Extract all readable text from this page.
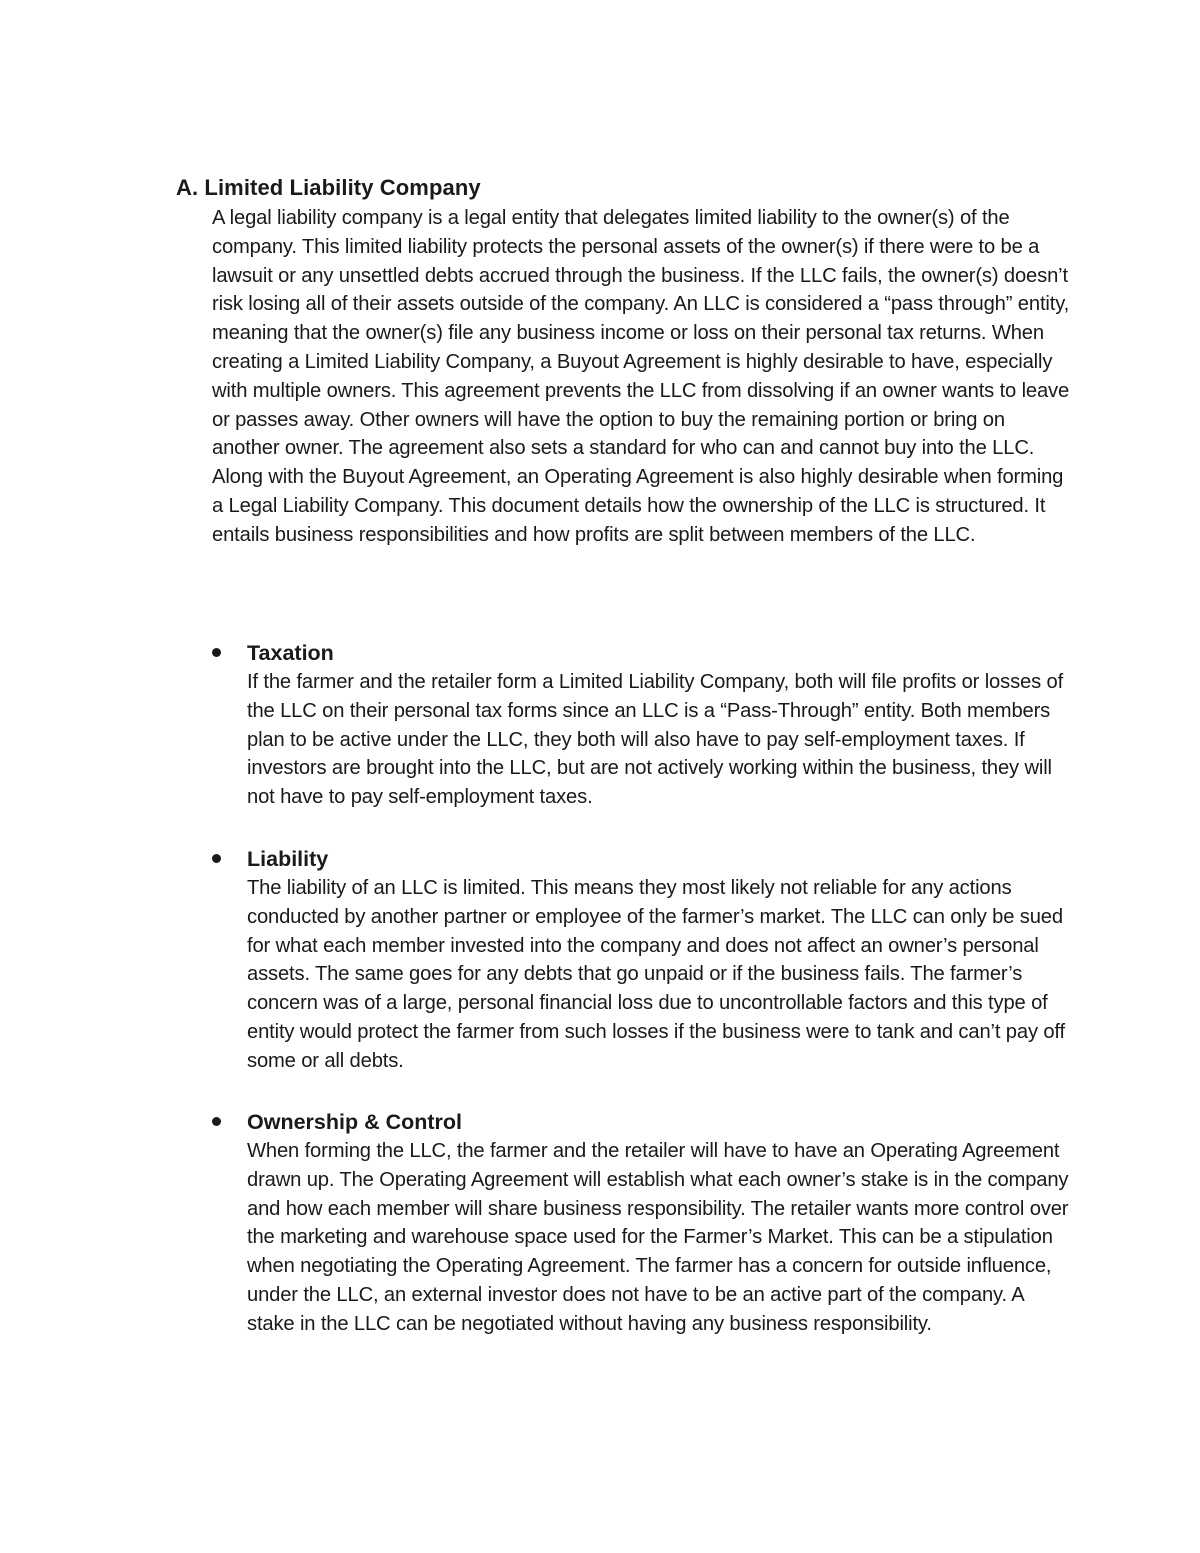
A. Limited Liability Company

A legal liability company is a legal entity that delegates limited liability to the owner(s) of the company. This limited liability protects the personal assets of the owner(s) if there were to be a lawsuit or any unsettled debts accrued through the business. If the LLC fails, the owner(s) doesn’t risk losing all of their assets outside of the company. An LLC is considered a “pass through” entity, meaning that the owner(s) file any business income or loss on their personal tax returns. When creating a Limited Liability Company, a Buyout Agreement is highly desirable to have, especially with multiple owners. This agreement prevents the LLC from dissolving if an owner wants to leave or passes away. Other owners will have the option to buy the remaining portion or bring on another owner. The agreement also sets a standard for who can and cannot buy into the LLC. Along with the Buyout Agreement, an Operating Agreement is also highly desirable when forming a Legal Liability Company. This document details how the ownership of the LLC is structured. It entails business responsibilities and how profits are split between members of the LLC.

Taxation

If the farmer and the retailer form a Limited Liability Company, both will file profits or losses of the LLC on their personal tax forms since an LLC is a “Pass-Through” entity. Both members plan to be active under the LLC, they both will also have to pay self-employment taxes. If investors are brought into the LLC, but are not actively working within the business, they will not have to pay self-employment taxes.

Liability

The liability of an LLC is limited. This means they most likely not reliable for any actions conducted by another partner or employee of the farmer’s market. The LLC can only be sued for what each member invested into the company and does not affect an owner’s personal assets. The same goes for any debts that go unpaid or if the business fails. The farmer’s concern was of a large, personal financial loss due to uncontrollable factors and this type of entity would protect the farmer from such losses if the business were to tank and can’t pay off some or all debts.

Ownership & Control

When forming the LLC, the farmer and the retailer will have to have an Operating Agreement drawn up. The Operating Agreement will establish what each owner’s stake is in the company and how each member will share business responsibility. The retailer wants more control over the marketing and warehouse space used for the Farmer’s Market. This can be a stipulation when negotiating the Operating Agreement. The farmer has a concern for outside influence, under the LLC, an external investor does not have to be an active part of the company. A stake in the LLC can be negotiated without having any business responsibility.
